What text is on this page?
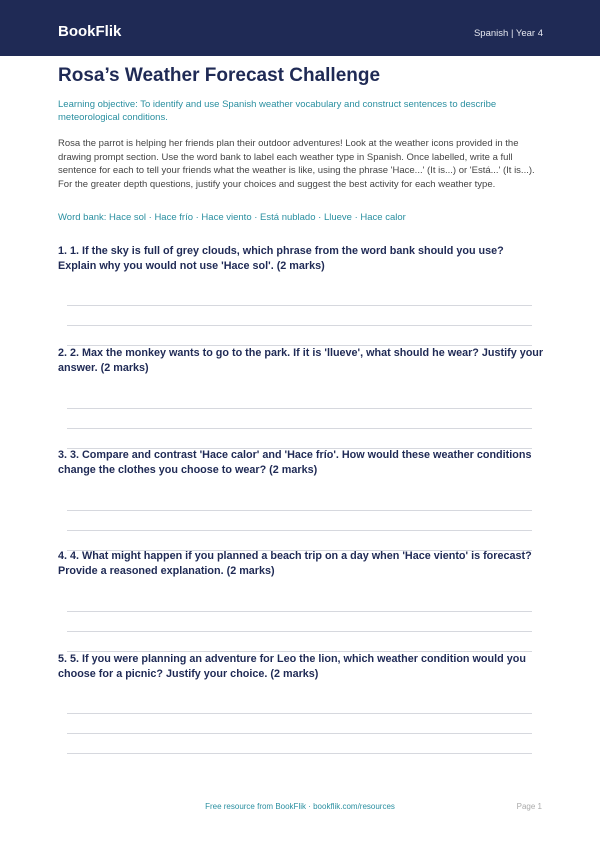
BookFlik	Spanish | Year 4
Rosa’s Weather Forecast Challenge
Learning objective: To identify and use Spanish weather vocabulary and construct sentences to describe meteorological conditions.
Rosa the parrot is helping her friends plan their outdoor adventures! Look at the weather icons provided in the drawing prompt section. Use the word bank to label each weather type in Spanish. Once labelled, write a full sentence for each to tell your friends what the weather is like, using the phrase 'Hace...' (It is...) or 'Está...' (It is...). For the greater depth questions, justify your choices and suggest the best activity for each weather type.
Word bank: Hace sol · Hace frío · Hace viento · Está nublado · Llueve · Hace calor
1. 1. If the sky is full of grey clouds, which phrase from the word bank should you use? Explain why you would not use 'Hace sol'. (2 marks)
2. 2. Max the monkey wants to go to the park. If it is 'llueve', what should he wear? Justify your answer. (2 marks)
3. 3. Compare and contrast 'Hace calor' and 'Hace frío'. How would these weather conditions change the clothes you choose to wear? (2 marks)
4. 4. What might happen if you planned a beach trip on a day when 'Hace viento' is forecast? Provide a reasoned explanation. (2 marks)
5. 5. If you were planning an adventure for Leo the lion, which weather condition would you choose for a picnic? Justify your choice. (2 marks)
Free resource from BookFlik · bookflik.com/resources	Page 1
